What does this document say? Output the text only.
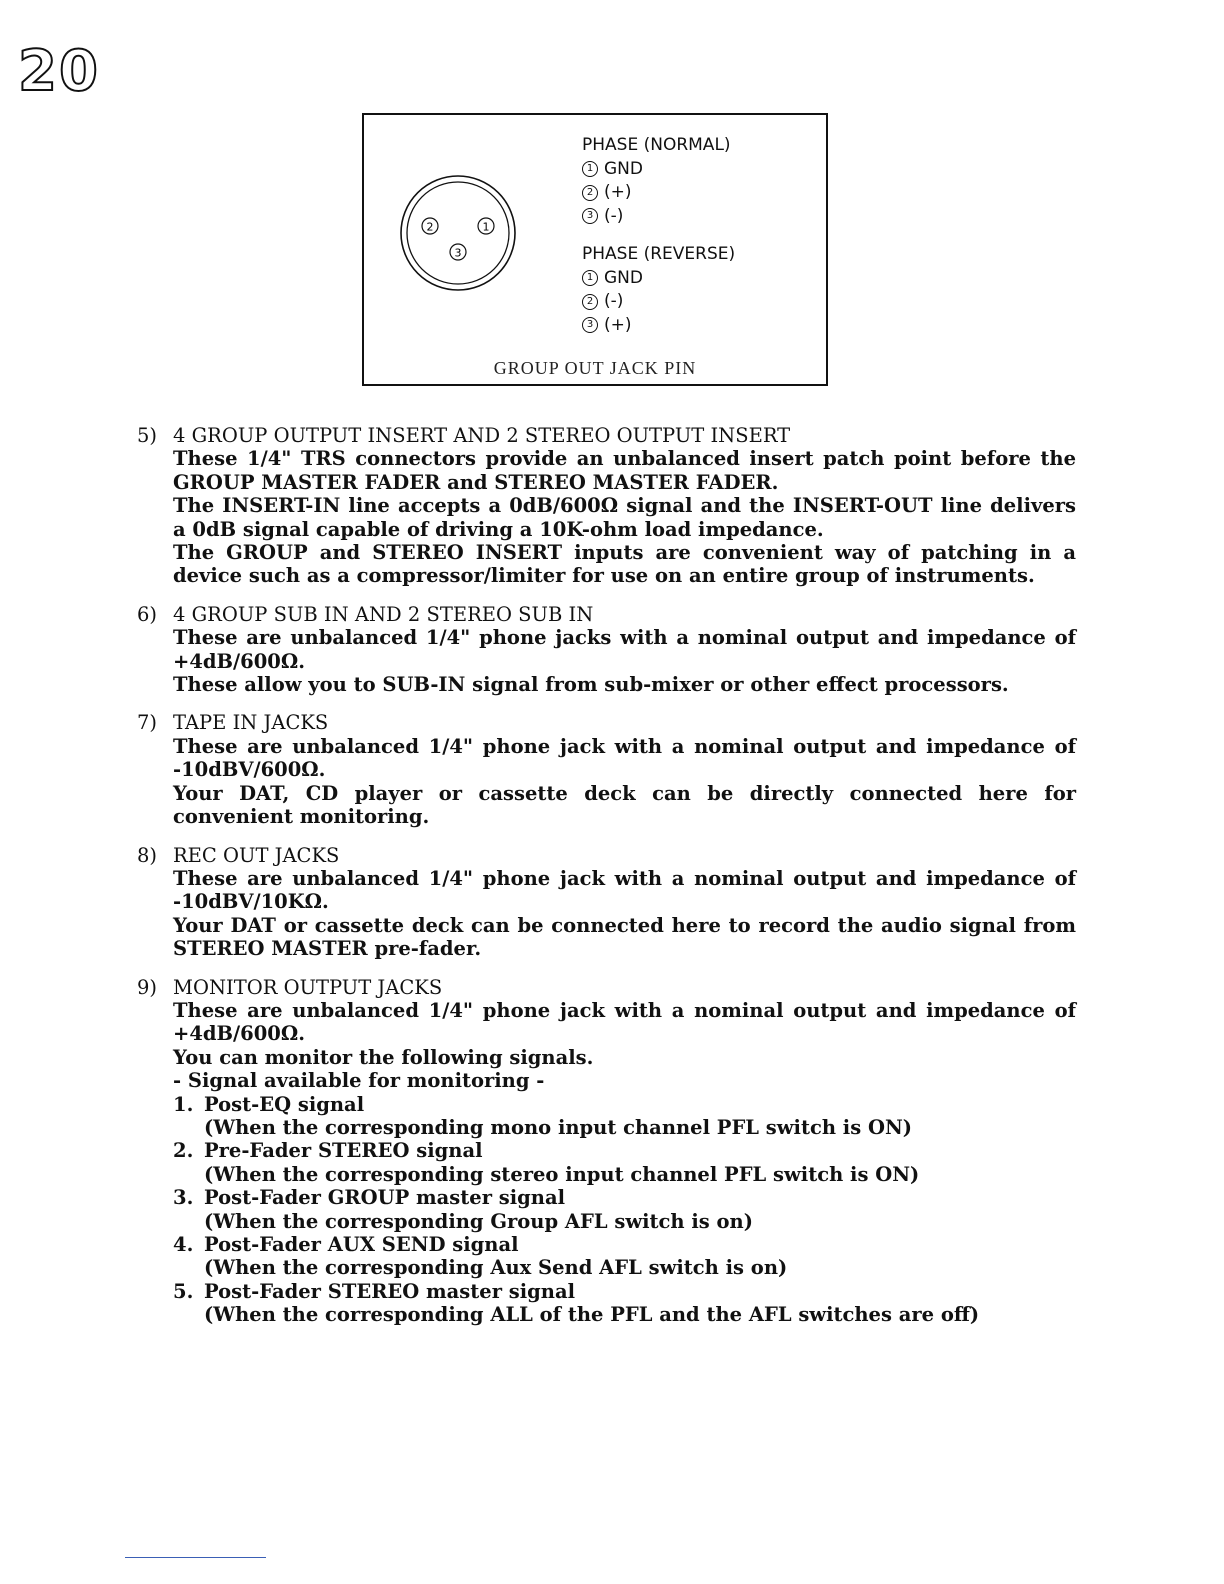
20
2	1
3
PHASE (NORMAL)
1 GND
2 (+)
3 (-)
PHASE (REVERSE)
1 GND
2 (-)
3 (+)
GROUP OUT JACK PIN
5) 4 GROUP OUTPUT INSERT AND 2 STEREO OUTPUT INSERT
These 1/4" TRS connectors provide an unbalanced insert patch point before the GROUP MASTER FADER and STEREO MASTER FADER.
The INSERT-IN line accepts a 0dB/600Ω signal and the INSERT-OUT line delivers a 0dB signal capable of driving a 10K-ohm load impedance.
The GROUP and STEREO INSERT inputs are convenient way of patching in a device such as a compressor/limiter for use on an entire group of instruments.
6) 4 GROUP SUB IN AND 2 STEREO SUB IN
These are unbalanced 1/4" phone jacks with a nominal output and impedance of +4dB/600Ω.
These allow you to SUB-IN signal from sub-mixer or other effect processors.
7) TAPE IN JACKS
These are unbalanced 1/4" phone jack with a nominal output and impedance of -10dBV/600Ω.
Your DAT, CD player or cassette deck can be directly connected here for convenient monitoring.
8) REC OUT JACKS
These are unbalanced 1/4" phone jack with a nominal output and impedance of -10dBV/10KΩ.
Your DAT or cassette deck can be connected here to record the audio signal from STEREO MASTER pre-fader.
9) MONITOR OUTPUT JACKS
These are unbalanced 1/4" phone jack with a nominal output and impedance of +4dB/600Ω.
You can monitor the following signals.
- Signal available for monitoring -
1. Post-EQ signal
(When the corresponding mono input channel PFL switch is ON)
2. Pre-Fader STEREO signal
(When the corresponding stereo input channel PFL switch is ON)
3. Post-Fader GROUP master signal
(When the corresponding Group AFL switch is on)
4. Post-Fader AUX SEND signal
(When the corresponding Aux Send AFL switch is on)
5. Post-Fader STEREO master signal
(When the corresponding ALL of the PFL and the AFL switches are off)
